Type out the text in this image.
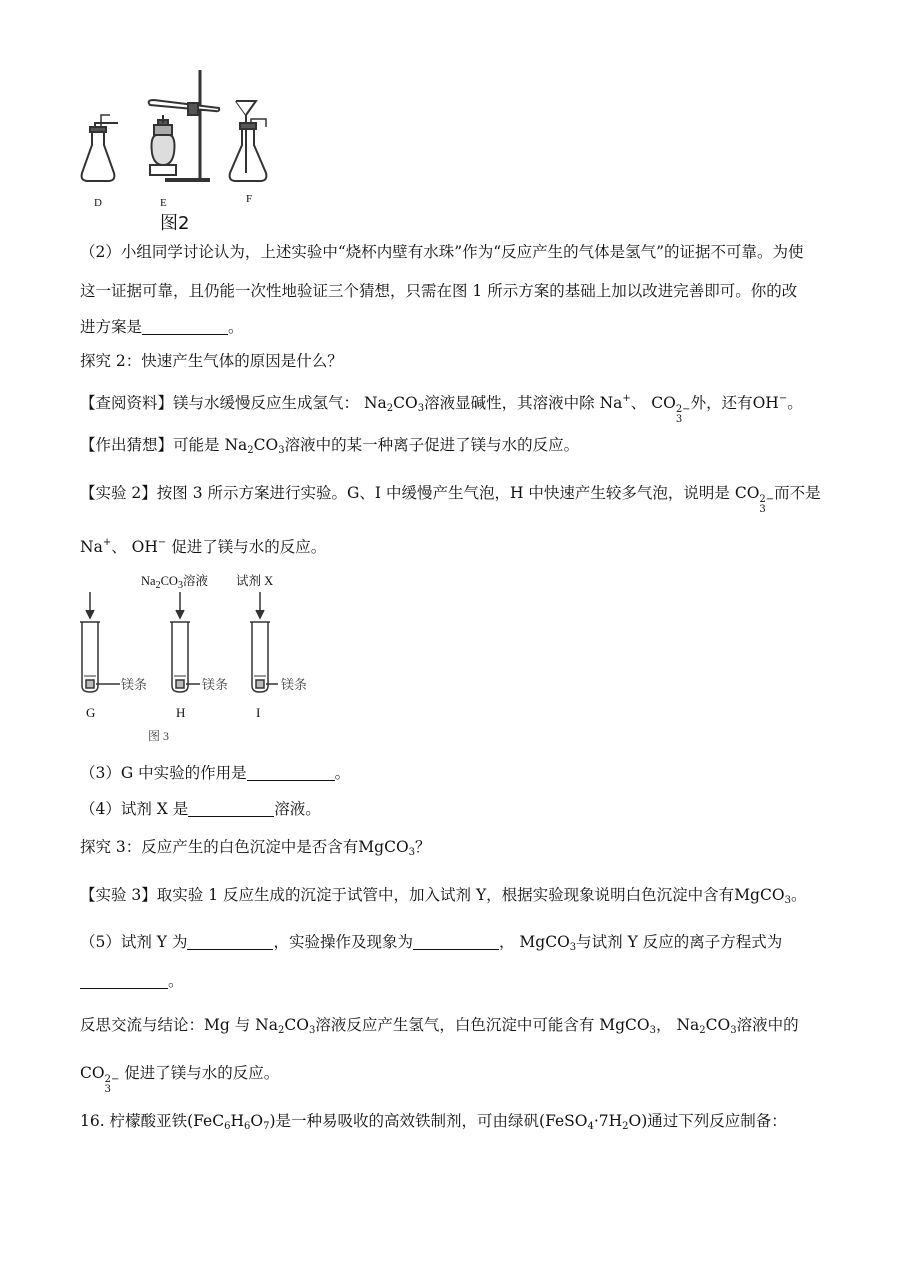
D	E	F
图2
（2）小组同学讨论认为，上述实验中“烧杯内壁有水珠”作为“反应产生的气体是氢气”的证据不可靠。为使
这一证据可靠，且仍能一次性地验证三个猜想，只需在图 1 所示方案的基础上加以改进完善即可。你的改
进方案是	。
探究 2：快速产生气体的原因是什么？
【查阅资料】镁与水缓慢反应生成氢气： $Na_2CO_3$溶液显碱性，其溶液中除 Na+、 CO 2−
3
外，还有OH−。
【作出猜想】可能是 $Na_2CO_3$溶液中的某一种离子促进了镁与水的反应。
【实验 2】按图 3 所示方案进行实验。G、I 中缓慢产生气泡，H 中快速产生较多气泡，说明是 CO 2−
3
而不是
Na+、 OH− 促进了镁与水的反应。
$Na_2CO_3$溶液 试剂 X
镁条	镁条	镁条
G	H	I
图 3
（3）G 中实验的作用是	。
（4）试剂 X 是	溶液。
探究 3：反应产生的白色沉淀中是否含有MgCO$_3$？
【实验 3】取实验 1 反应生成的沉淀于试管中，加入试剂 Y，根据实验现象说明白色沉淀中含有MgCO$_3$。
（5）试剂 Y 为	，实验操作及现象为	， MgCO$_3$与试剂 Y 反应的离子方程式为
。
反思交流与结论：Mg 与 $Na_2CO_3$溶液反应产生氢气，白色沉淀中可能含有 MgCO$_3$， $Na_2CO_3$溶液中的
CO 2−
3
促进了镁与水的反应。
16. 柠檬酸亚铁$(FeC_6H_6O_7)$是一种易吸收的高效铁制剂，可由绿矾$(FeSO_4\cdot 7H_2O)$通过下列反应制备：
